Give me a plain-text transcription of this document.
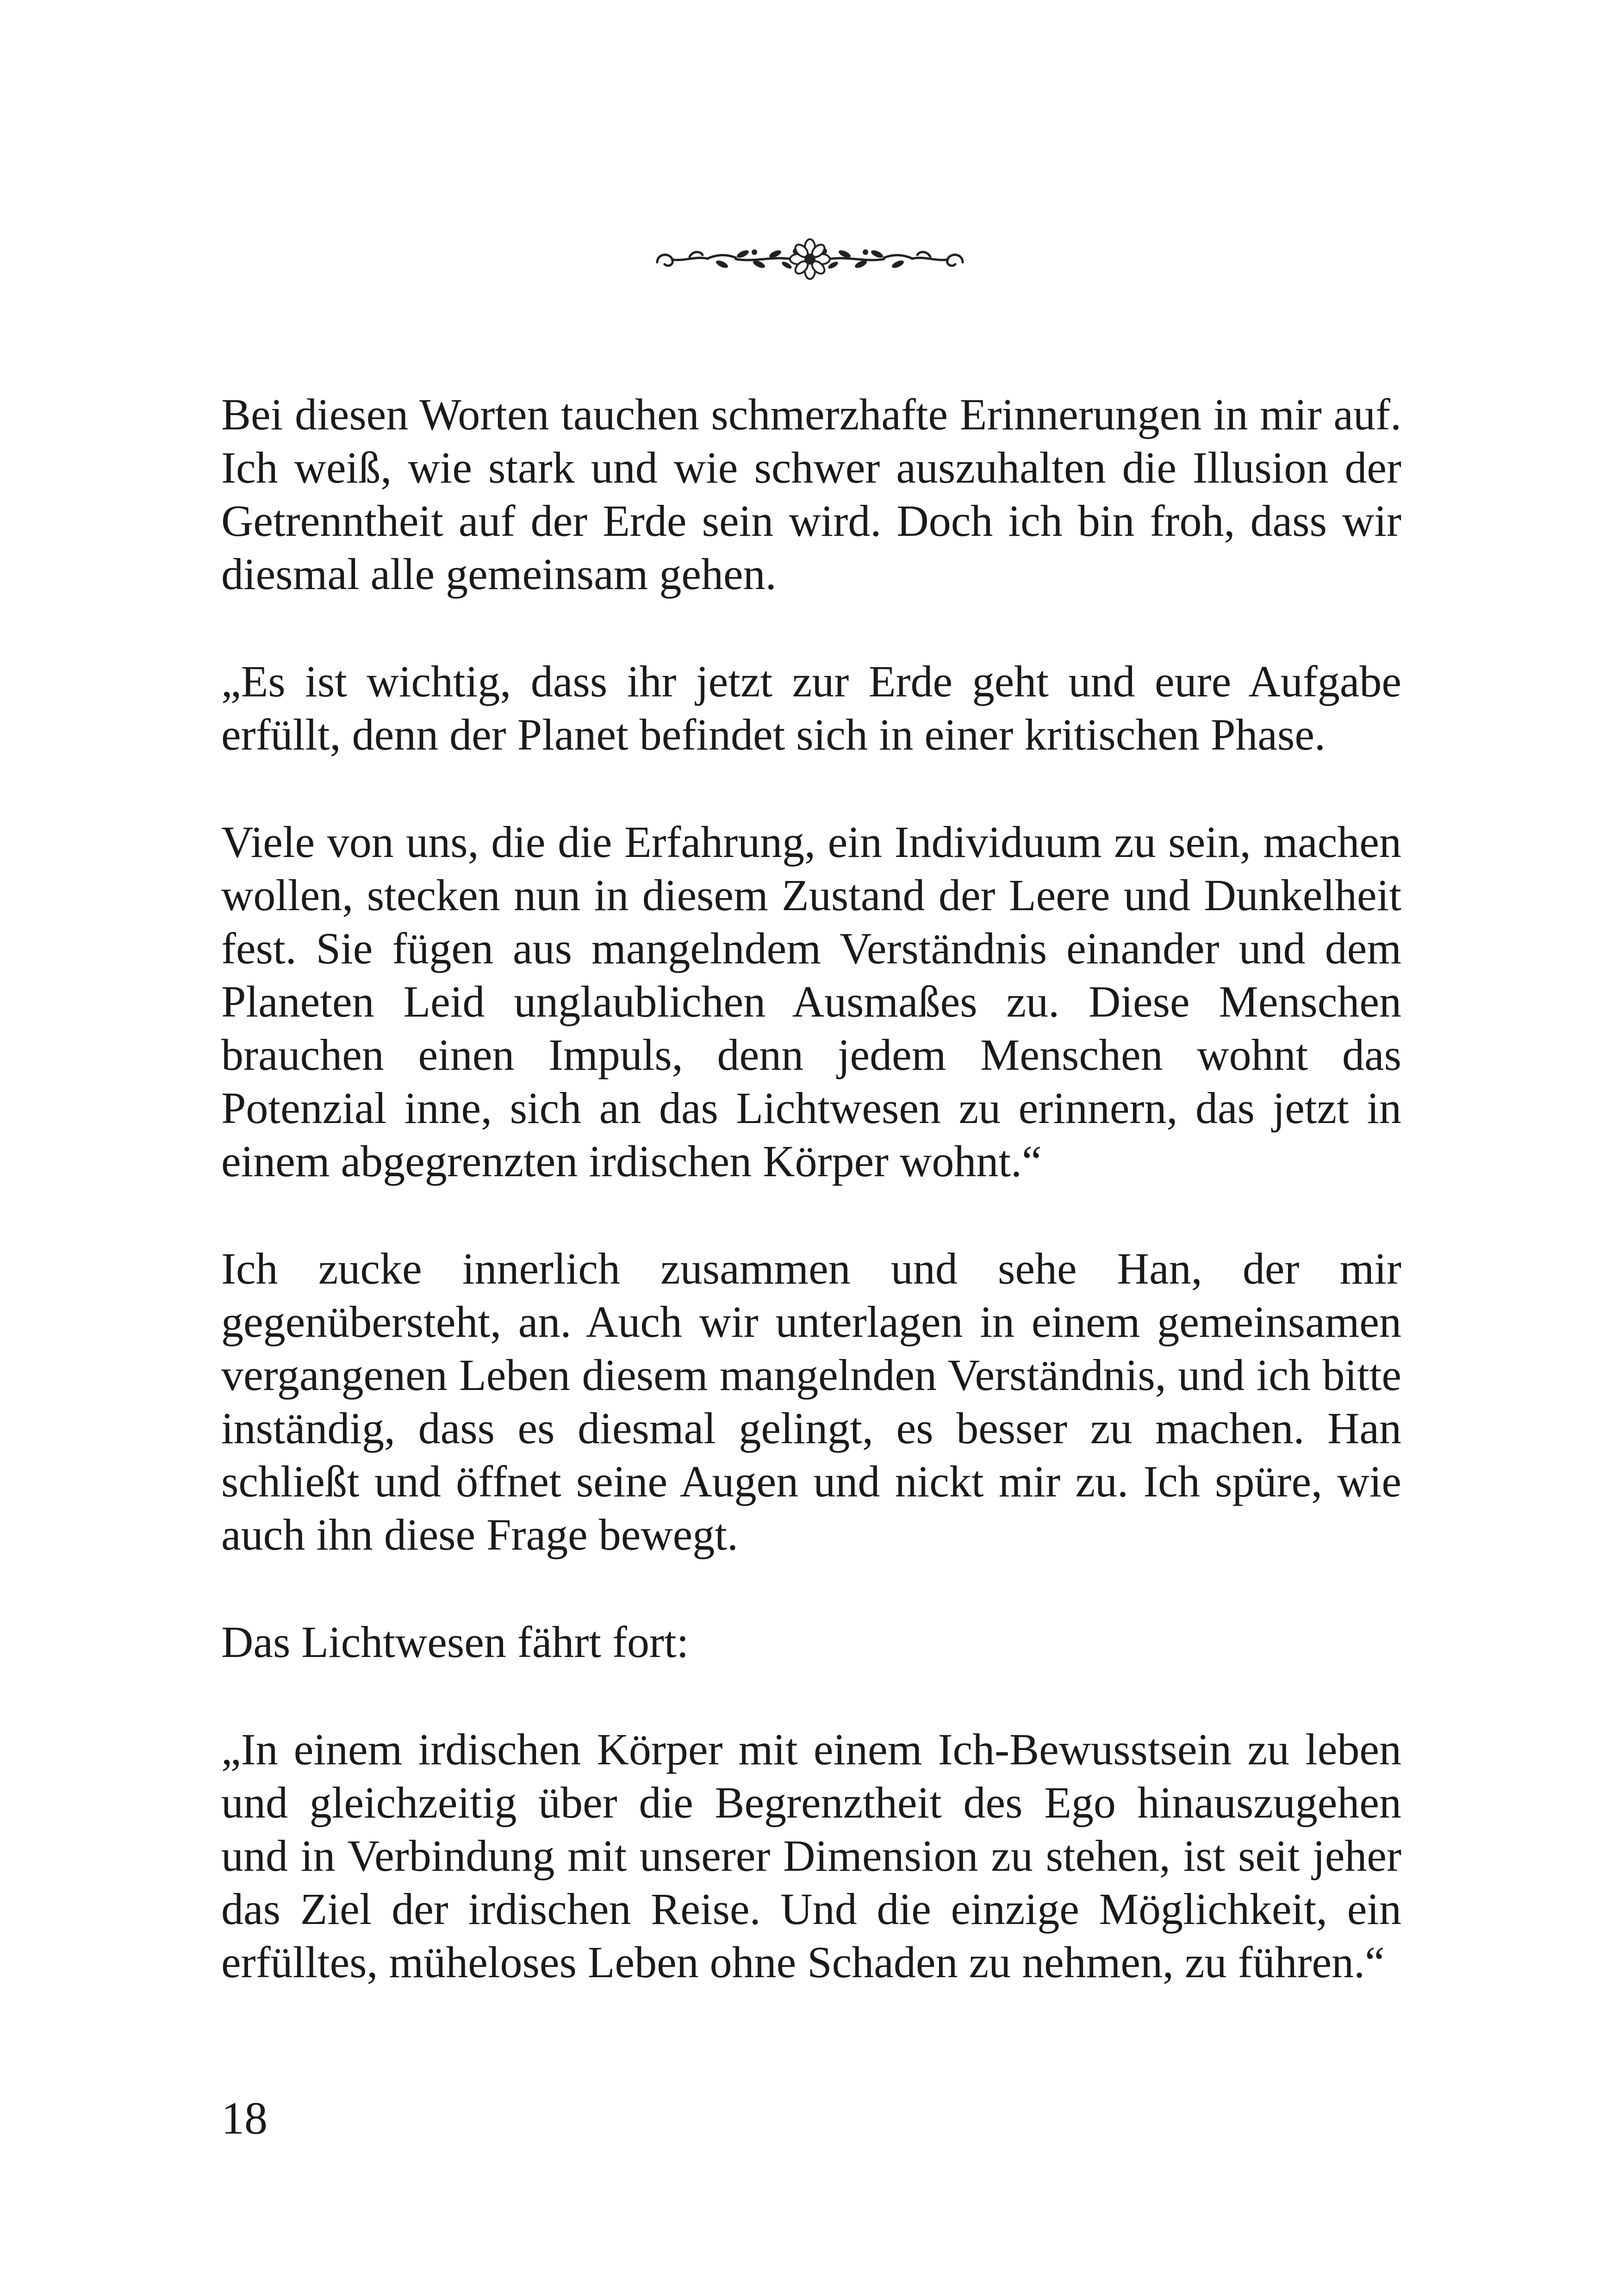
Bei diesen Worten tauchen schmerzhafte Erinnerungen in mir auf. Ich weiß, wie stark und wie schwer auszuhalten die Illusion der Getrenntheit auf der Erde sein wird. Doch ich bin froh, dass wir diesmal alle gemeinsam gehen.

„Es ist wichtig, dass ihr jetzt zur Erde geht und eure Aufgabe erfüllt, denn der Planet befindet sich in einer kritischen Phase.

Viele von uns, die die Erfahrung, ein Individuum zu sein, machen wollen, stecken nun in diesem Zustand der Leere und Dunkelheit fest. Sie fügen aus mangelndem Verständnis einander und dem Planeten Leid unglaublichen Ausmaßes zu. Diese Menschen brauchen einen Impuls, denn jedem Menschen wohnt das Potenzial inne, sich an das Lichtwesen zu erinnern, das jetzt in einem abgegrenzten irdischen Körper wohnt.“

Ich zucke innerlich zusammen und sehe Han, der mir gegenübersteht, an. Auch wir unterlagen in einem gemeinsamen vergangenen Leben diesem mangelnden Verständnis, und ich bitte inständig, dass es diesmal gelingt, es besser zu machen. Han schließt und öffnet seine Augen und nickt mir zu. Ich spüre, wie auch ihn diese Frage bewegt.

Das Lichtwesen fährt fort:

„In einem irdischen Körper mit einem Ich-Bewusstsein zu leben und gleichzeitig über die Begrenztheit des Ego hinauszugehen und in Verbindung mit unserer Dimension zu stehen, ist seit jeher das Ziel der irdischen Reise. Und die einzige Möglichkeit, ein erfülltes, müheloses Leben ohne Schaden zu nehmen, zu führen.“

18
